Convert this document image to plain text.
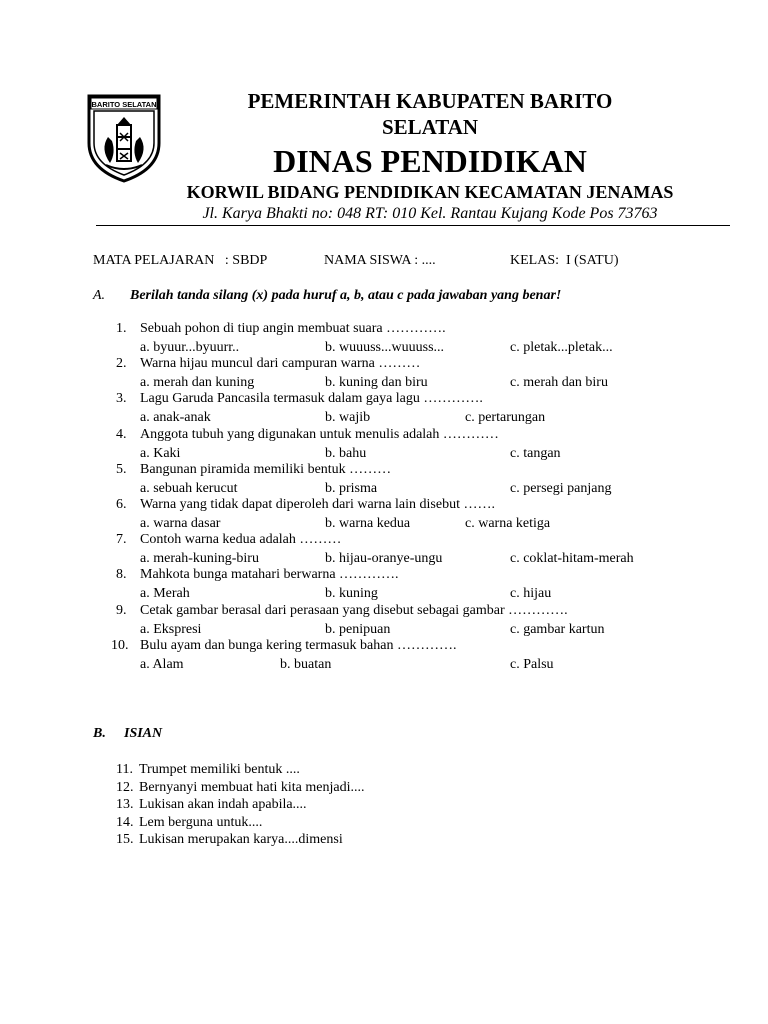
BARITO SELATAN	PEMERINTAH KABUPATEN BARITO
SELATAN
DINAS PENDIDIKAN
KORWIL BIDANG PENDIDIKAN KECAMATAN JENAMAS
Jl. Karya Bhakti no: 048 RT: 010 Kel. Rantau Kujang Kode Pos 73763
MATA PELAJARAN   : SBDP	NAMA SISWA : ....	KELAS:  I (SATU)
A. Berilah tanda silang (x) pada huruf a, b, atau c pada jawaban yang benar!
1. Sebuah pohon di tiup angin membuat suara ………….
a. byuur...byuurr..	b. wuuuss...wuuuss...	c. pletak...pletak...
2. Warna hijau muncul dari campuran warna ………
a. merah dan kuning	b. kuning dan biru	c. merah dan biru
3. Lagu Garuda Pancasila termasuk dalam gaya lagu ………….
a. anak-anak	b. wajib	c. pertarungan
4. Anggota tubuh yang digunakan untuk menulis adalah …………
a. Kaki	b. bahu	c. tangan
5. Bangunan piramida memiliki bentuk ………
a. sebuah kerucut	b. prisma	c. persegi panjang
6. Warna yang tidak dapat diperoleh dari warna lain disebut …….
a. warna dasar	b. warna kedua	c. warna ketiga
7. Contoh warna kedua adalah ………
a. merah-kuning-biru	b. hijau-oranye-ungu	c. coklat-hitam-merah
8. Mahkota bunga matahari berwarna ………….
a. Merah	b. kuning	c. hijau
9. Cetak gambar berasal dari perasaan yang disebut sebagai gambar ………….
a. Ekspresi	b. penipuan	c. gambar kartun
10. Bulu ayam dan bunga kering termasuk bahan ………….
a. Alam	b. buatan	c. Palsu
B. ISIAN
11. Trumpet memiliki bentuk ....
12. Bernyanyi membuat hati kita menjadi....
13. Lukisan akan indah apabila....
14. Lem berguna untuk....
15. Lukisan merupakan karya....dimensi
